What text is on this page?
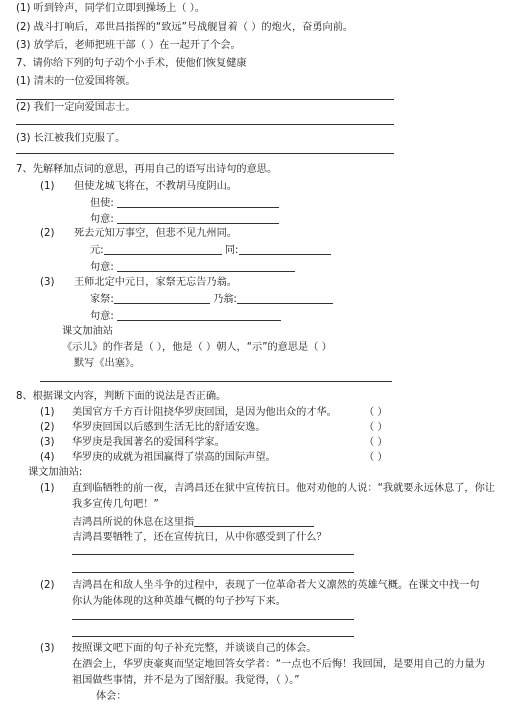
(1) 听到铃声，同学们立即到操场上（ ）。
(2) 战斗打响后，邓世昌指挥的“致远”号战舰冒着（ ）的炮火，奋勇向前。
(3) 放学后，老师把班干部（ ）在一起开了个会。
7、请你给下列的句子动个小手术，使他们恢复健康
(1) 清末的一位爱国将领。
(2) 我们一定向爱国志士。
(3) 长江被我们克服了。
7、先解释加点词的意思，再用自己的语写出诗句的意思。
(1) 但使龙城飞将在，不教胡马度阴山。
但使:
句意:
(2) 死去元知万事空，但悲不见九州同。
元:	同:
句意:
(3) 王师北定中元日，家祭无忘告乃翁。
家祭:	乃翁:
句意:
课文加油站
《示儿》的作者是（ ），他是（ ）朝人，“示”的意思是（ ）
默写《出塞》。
8、根据课文内容，判断下面的说法是否正确。
(1) 美国官方千方百计阻挠华罗庚回国，是因为他出众的才华。	（ ）
(2) 华罗庚回国以后感到生活无比的舒适安逸。	（ ）
(3) 华罗庚是我国著名的爱国科学家。	（ ）
(4) 华罗庚的成就为祖国赢得了崇高的国际声望。	（ ）
课文加油站:
(1) 直到临牺牲的前一夜，吉鸿昌还在狱中宣传抗日。他对劝他的人说：“我就要永远休息了，你让
我多宣传几句吧！”
吉鸿昌所说的休息在这里指
吉鸿昌要牺牲了，还在宣传抗日，从中你感受到了什么？
(2) 吉鸿昌在和敌人坐斗争的过程中，表现了一位革命者大义凛然的英雄气概。在课文中找一句
你认为能体现的这种英雄气概的句子抄写下来。
(3) 按照课文吧下面的句子补充完整，并谈谈自己的体会。
在酒会上，华罗庚豪爽而坚定地回答女学者：“一点也不后悔！我回国，是要用自己的力量为
祖国做些事情，并不是为了图舒服。我觉得，（ ）。”
体会：
